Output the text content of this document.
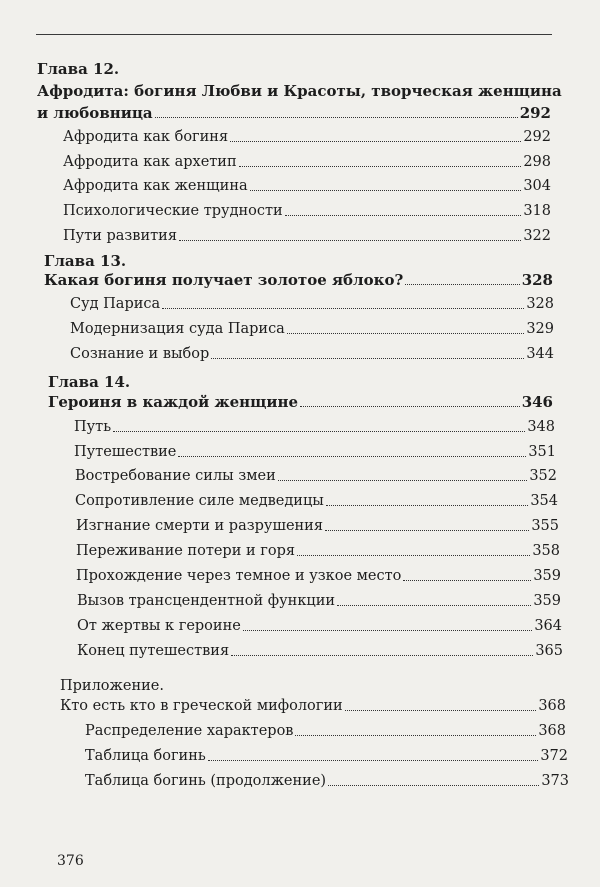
Глава 12.
Афродита: богиня Любви и Красоты, творческая женщина
и любовница	292
Афродита как богиня	292
Афродита как архетип	298
Афродита как женщина	304
Психологические трудности	318
Пути развития	322
Глава 13.
Какая богиня получает золотое яблоко?	328
Суд Париса	328
Модернизация суда Париса	329
Сознание и выбор	344
Глава 14.
Героиня в каждой женщине	346
Путь	348
Путешествие	351
Востребование силы змеи	352
Сопротивление силе медведицы	354
Изгнание смерти и разрушения	355
Переживание потери и горя	358
Прохождение через темное и узкое место	359
Вызов трансцендентной функции	359
От жертвы к героине	364
Конец путешествия	365
Приложение.
Кто есть кто в греческой мифологии	368
Распределение характеров	368
Таблица богинь	372
Таблица богинь (продолжение)	373
376
